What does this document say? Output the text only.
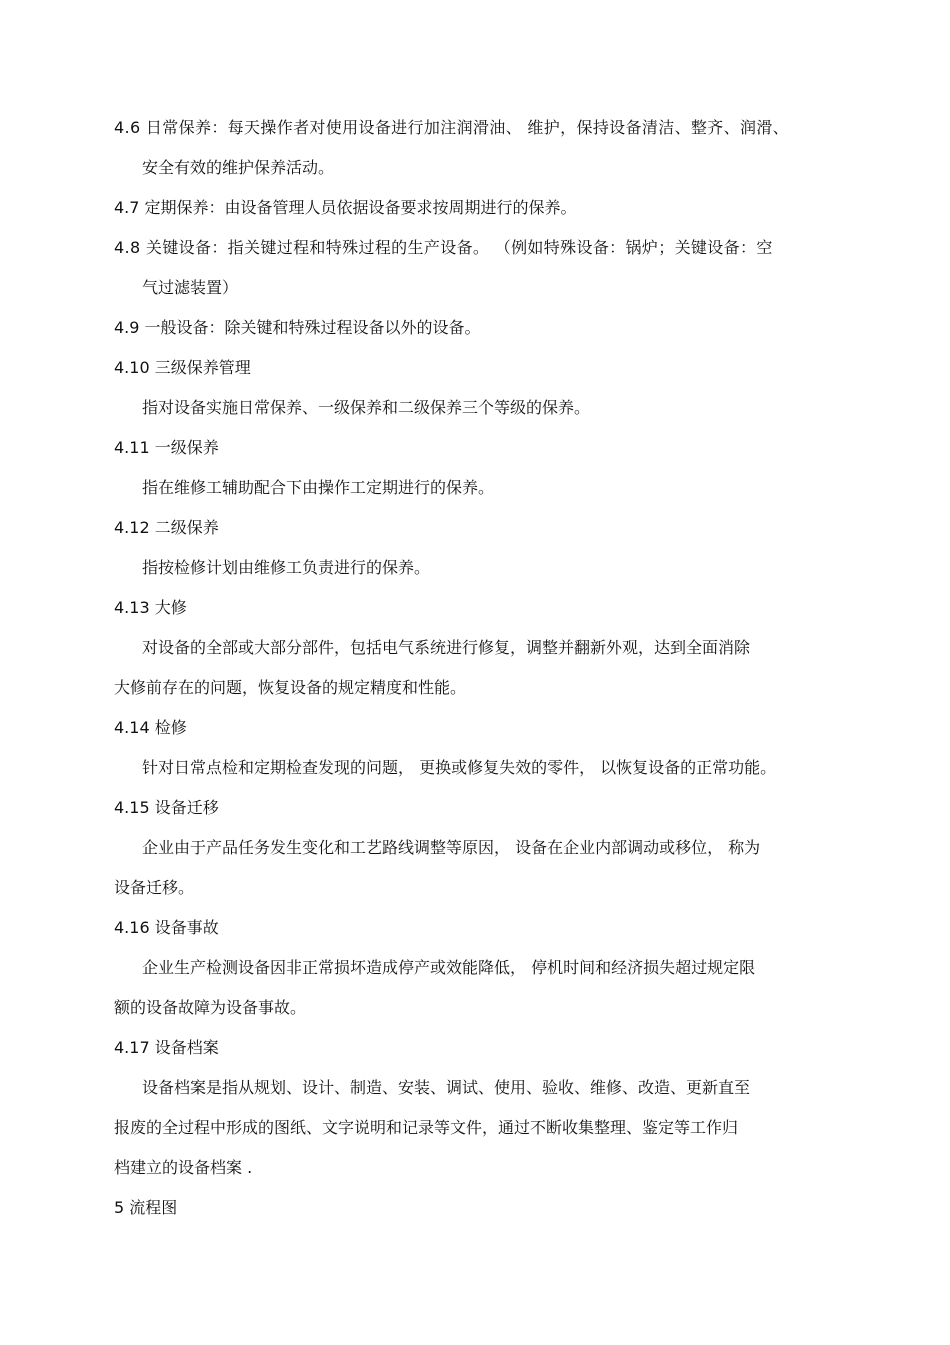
4.6 日常保养：每天操作者对使用设备进行加注润滑油、 维护，保持设备清洁、整齐、润滑、
安全有效的维护保养活动。
4.7 定期保养：由设备管理人员依据设备要求按周期进行的保养。
4.8 关键设备：指关键过程和特殊过程的生产设备。 （例如特殊设备：锅炉；关键设备：空
气过滤装置）
4.9 一般设备：除关键和特殊过程设备以外的设备。
4.10 三级保养管理
指对设备实施日常保养、一级保养和二级保养三个等级的保养。
4.11 一级保养
指在维修工辅助配合下由操作工定期进行的保养。
4.12 二级保养
指按检修计划由维修工负责进行的保养。
4.13 大修
对设备的全部或大部分部件，包括电气系统进行修复，调整并翻新外观，达到全面消除
大修前存在的问题，恢复设备的规定精度和性能。
4.14 检修
针对日常点检和定期检查发现的问题， 更换或修复失效的零件， 以恢复设备的正常功能。
4.15 设备迁移
企业由于产品任务发生变化和工艺路线调整等原因， 设备在企业内部调动或移位， 称为
设备迁移。
4.16 设备事故
企业生产检测设备因非正常损坏造成停产或效能降低， 停机时间和经济损失超过规定限
额的设备故障为设备事故。
4.17 设备档案
设备档案是指从规划、设计、制造、安装、调试、使用、验收、维修、改造、更新直至
报废的全过程中形成的图纸、文字说明和记录等文件，通过不断收集整理、鉴定等工作归
档建立的设备档案 .
5 流程图
